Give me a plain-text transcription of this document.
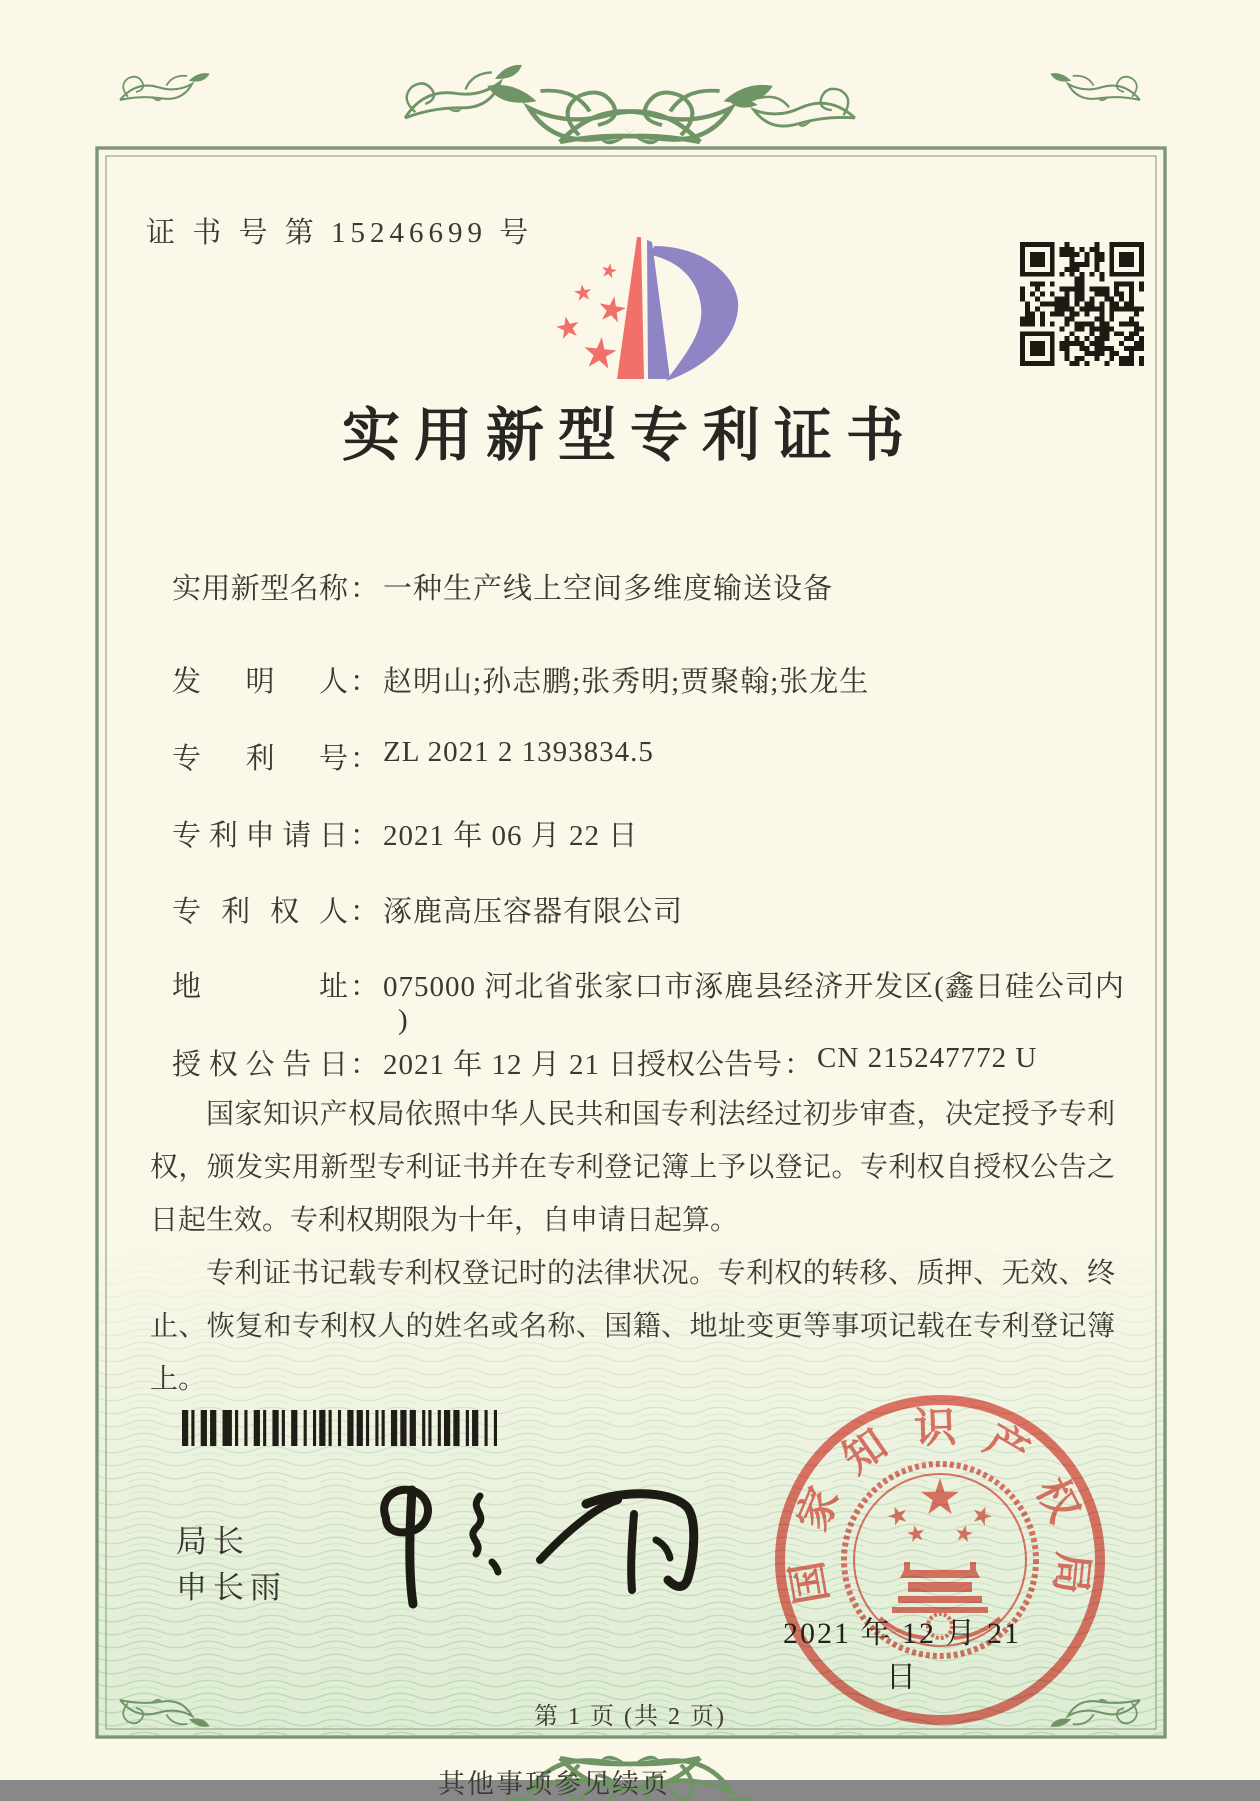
证 书 号 第 15246699 号
实用新型专利证书
实用新型名称 ： 一种生产线上空间多维度输送设备
发明人 ： 赵明山;孙志鹏;张秀明;贾聚翰;张龙生
专利号 ： ZL 2021 2 1393834.5
专利申请日 ： 2021 年 06 月 22 日
专利权人 ： 涿鹿高压容器有限公司
地址 ： 075000 河北省张家口市涿鹿县经济开发区(鑫日硅公司内
)
授权公告日 ： 2021 年 12 月 21 日
授权公告号 ： CN 215247772 U

国家知识产权局依照中华人民共和国专利法经过初步审查，决定授予专利权，颁发实用新型专利证书并在专利登记簿上予以登记。专利权自授权公告之日起生效。专利权期限为十年，自申请日起算。

专利证书记载专利权登记时的法律状况。专利权的转移、质押、无效、终止、恢复和专利权人的姓名或名称、国籍、地址变更等事项记载在专利登记簿上。

局长
申长雨	国家知识产权局
2021 年 12 月 21 日
第 1 页 (共 2 页)
其他事项参见续页
